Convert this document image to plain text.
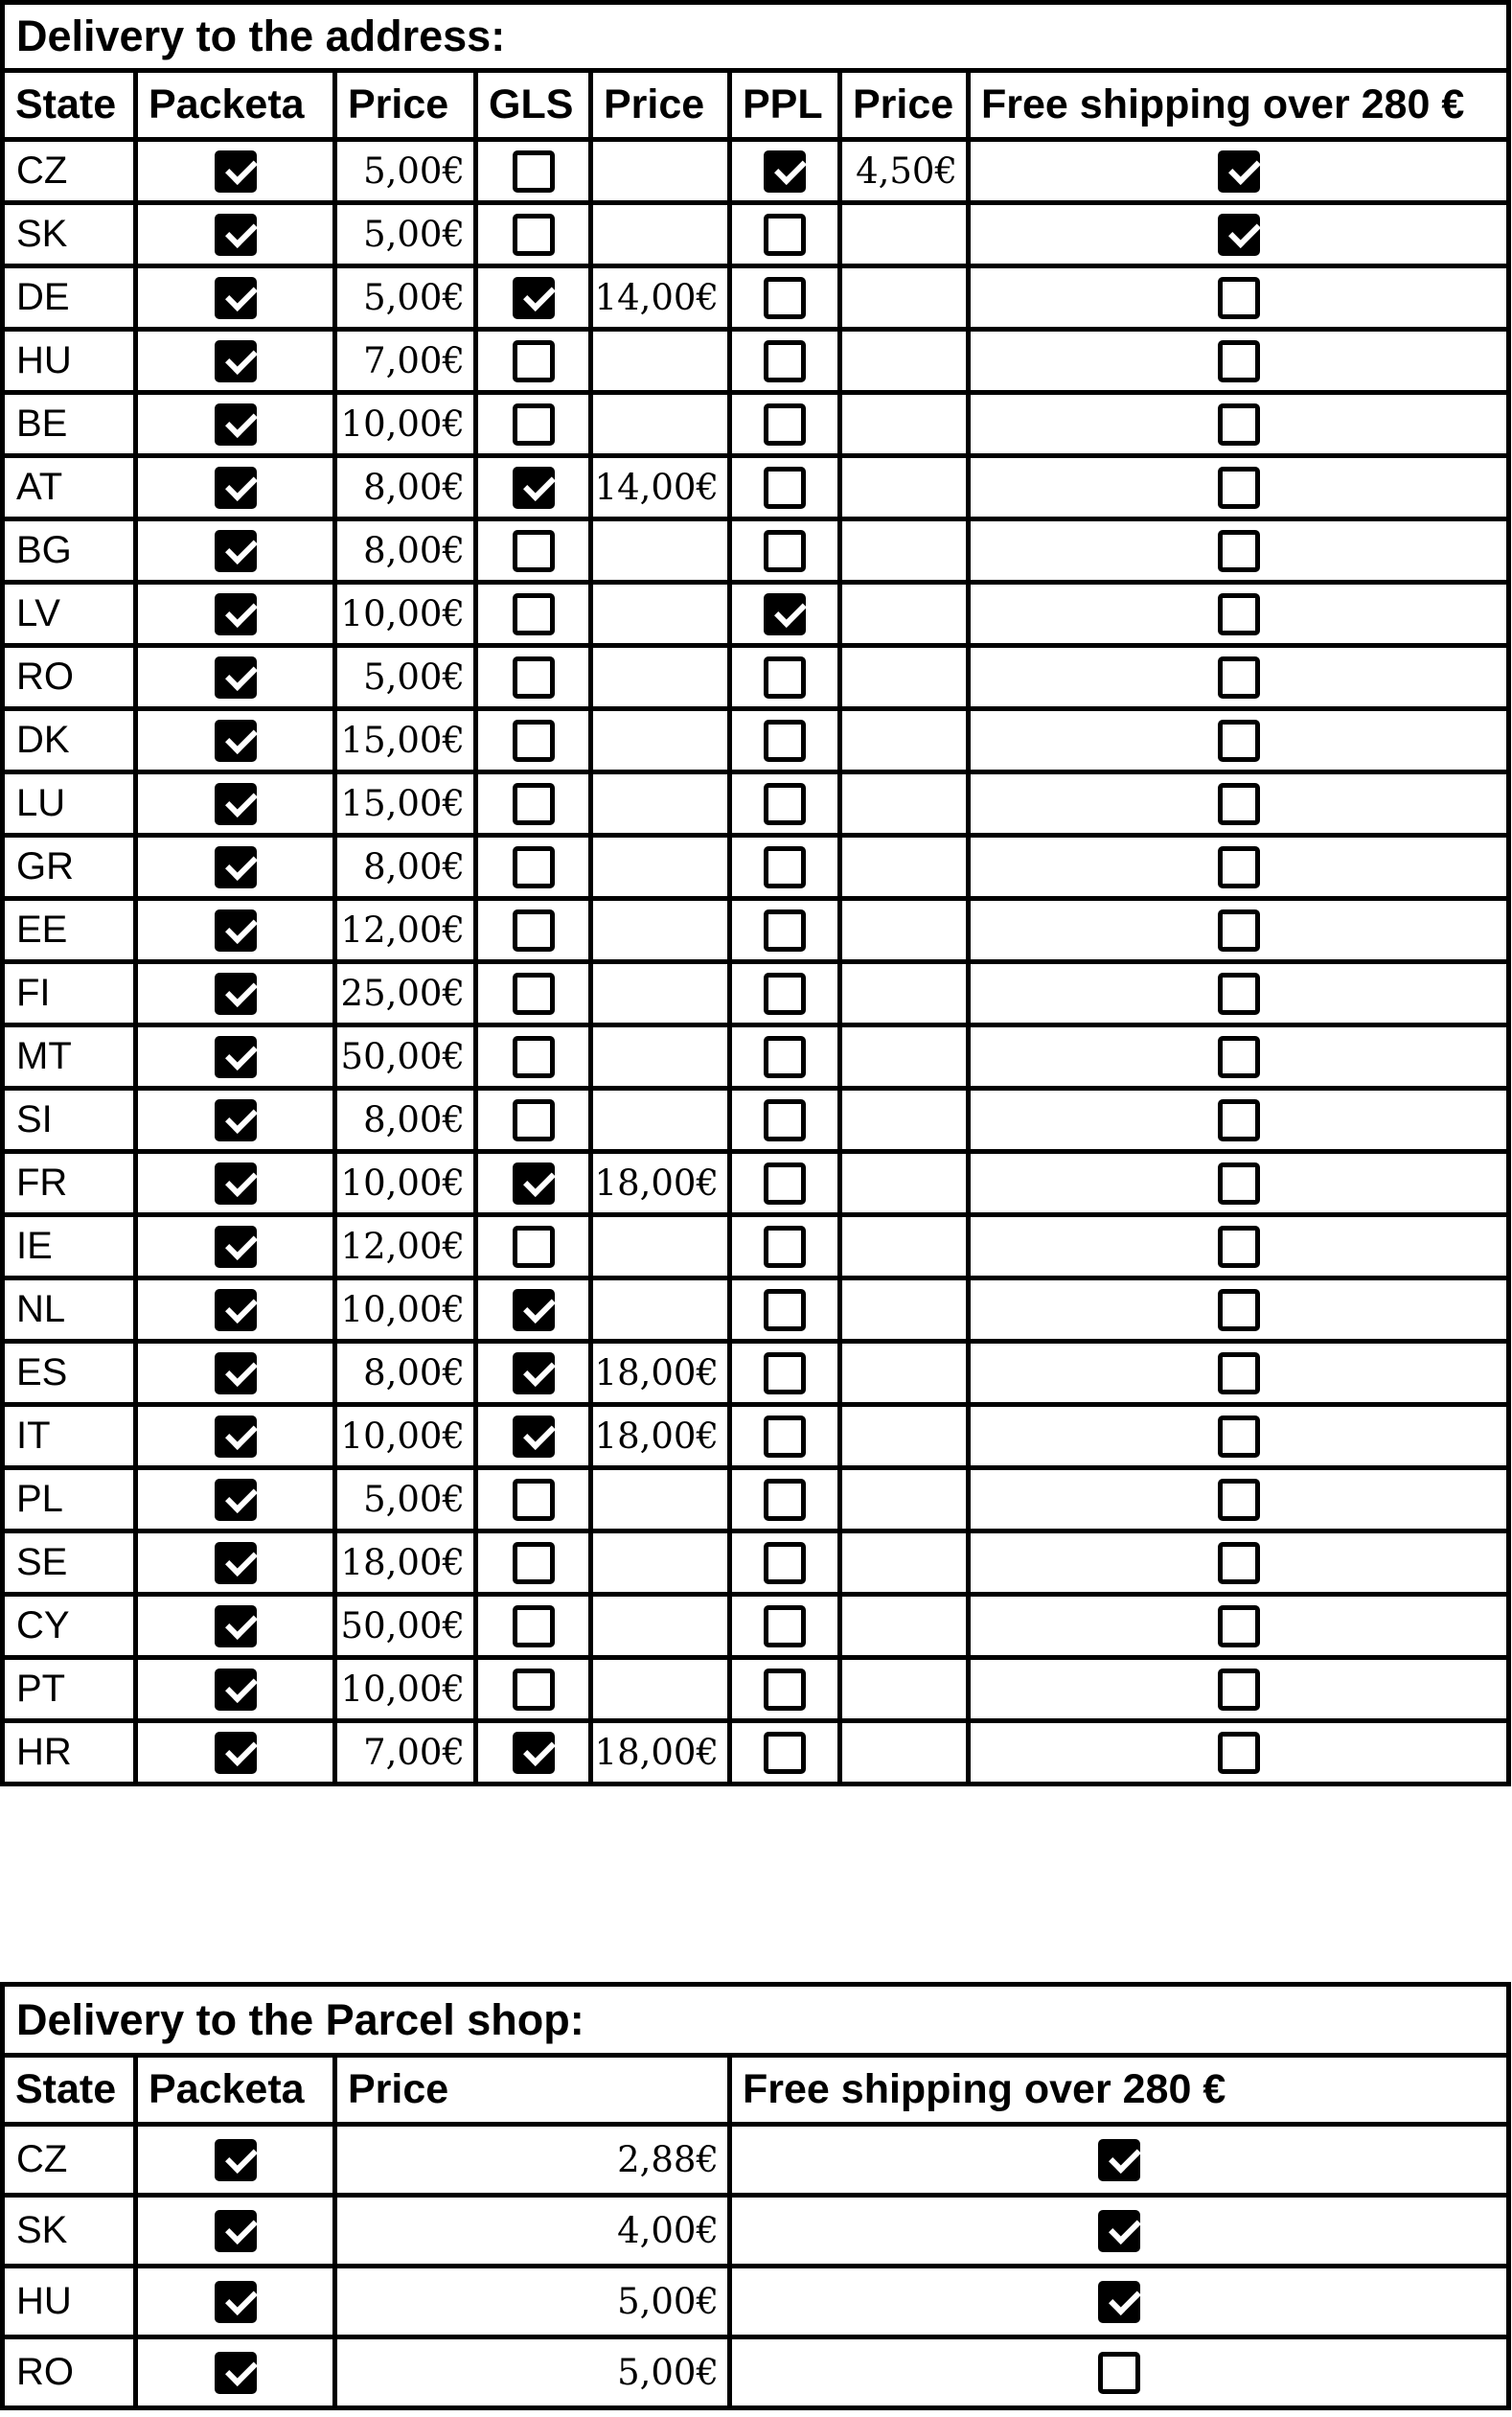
Delivery to the address:							
State	Packeta	Price	GLS	Price	PPL	Price	Free shipping over 280 €
CZ		5,00€				4,50€	
SK		5,00€					
DE		5,00€		14,00€			
HU		7,00€					
BE		10,00€					
AT		8,00€		14,00€			
BG		8,00€					
LV		10,00€					
RO		5,00€					
DK		15,00€					
LU		15,00€					
GR		8,00€					
EE		12,00€					
FI		25,00€					
MT		50,00€					
SI		8,00€					
FR		10,00€		18,00€			
IE		12,00€					
NL		10,00€					
ES		8,00€		18,00€			
IT		10,00€		18,00€			
PL		5,00€					
SE		18,00€					
CY		50,00€					
PT		10,00€					
HR		7,00€		18,00€			
Delivery to the Parcel shop:			
State	Packeta	Price	Free shipping over 280 €
CZ		2,88€	
SK		4,00€	
HU		5,00€	
RO		5,00€	
